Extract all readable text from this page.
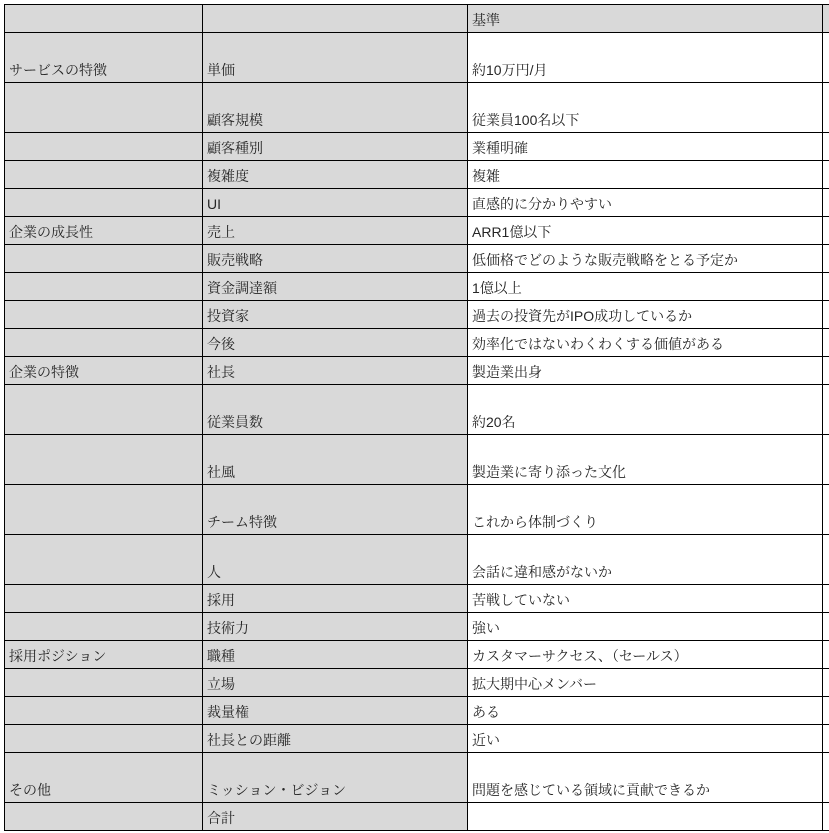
		基準	
サービスの特徴	単価	約10万円/月	
	顧客規模	従業員100名以下	
	顧客種別	業種明確	
	複雑度	複雑	
	UI	直感的に分かりやすい	
企業の成長性	売上	ARR1億以下	
	販売戦略	低価格でどのような販売戦略をとる予定か	
	資金調達額	1億以上	
	投資家	過去の投資先がIPO成功しているか	
	今後	効率化ではないわくわくする価値がある	
企業の特徴	社長	製造業出身	
	従業員数	約20名	
	社風	製造業に寄り添った文化	
	チーム特徴	これから体制づくり	
	人	会話に違和感がないか	
	採用	苦戦していない	
	技術力	強い	
採用ポジション	職種	カスタマーサクセス、（セールス）	
	立場	拡大期中心メンバー	
	裁量権	ある	
	社長との距離	近い	
その他	ミッション・ビジョン	問題を感じている領域に貢献できるか	
	合計		
